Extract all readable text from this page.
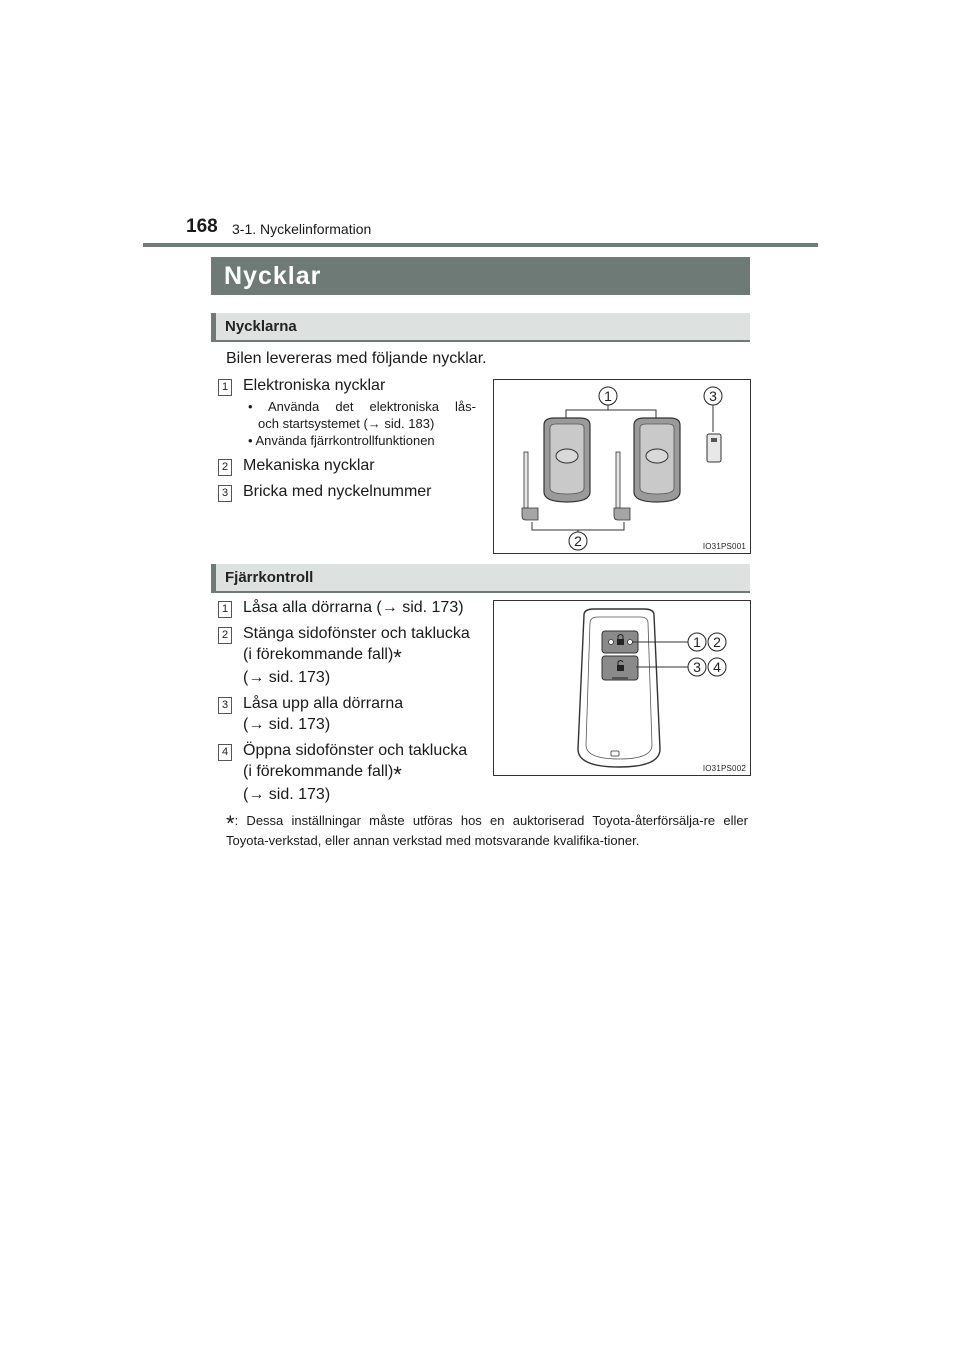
168 3-1. Nyckelinformation
Nycklar
Nycklarna
Bilen levereras med följande nycklar.
1 Elektroniska nycklar
• Använda det elektroniska lås-
och startsystemet (→ sid. 183)
• Använda fjärrkontrollfunktionen
2 Mekaniska nycklar
3 Bricka med nyckelnummer
1	3
2	IO31PS001
Fjärrkontroll
1 Låsa alla dörrarna (→ sid. 173)
2 Stänga sidofönster och taklucka
(i förekommande fall)*
(→ sid. 173)
3 Låsa upp alla dörrarna
(→ sid. 173)
4 Öppna sidofönster och taklucka
(i förekommande fall)*
(→ sid. 173)
1 2
3 4
IO31PS002
*: Dessa inställningar måste utföras hos en auktoriserad Toyota-återförsälja-re eller Toyota-verkstad, eller annan verkstad med motsvarande kvalifika-tioner.
